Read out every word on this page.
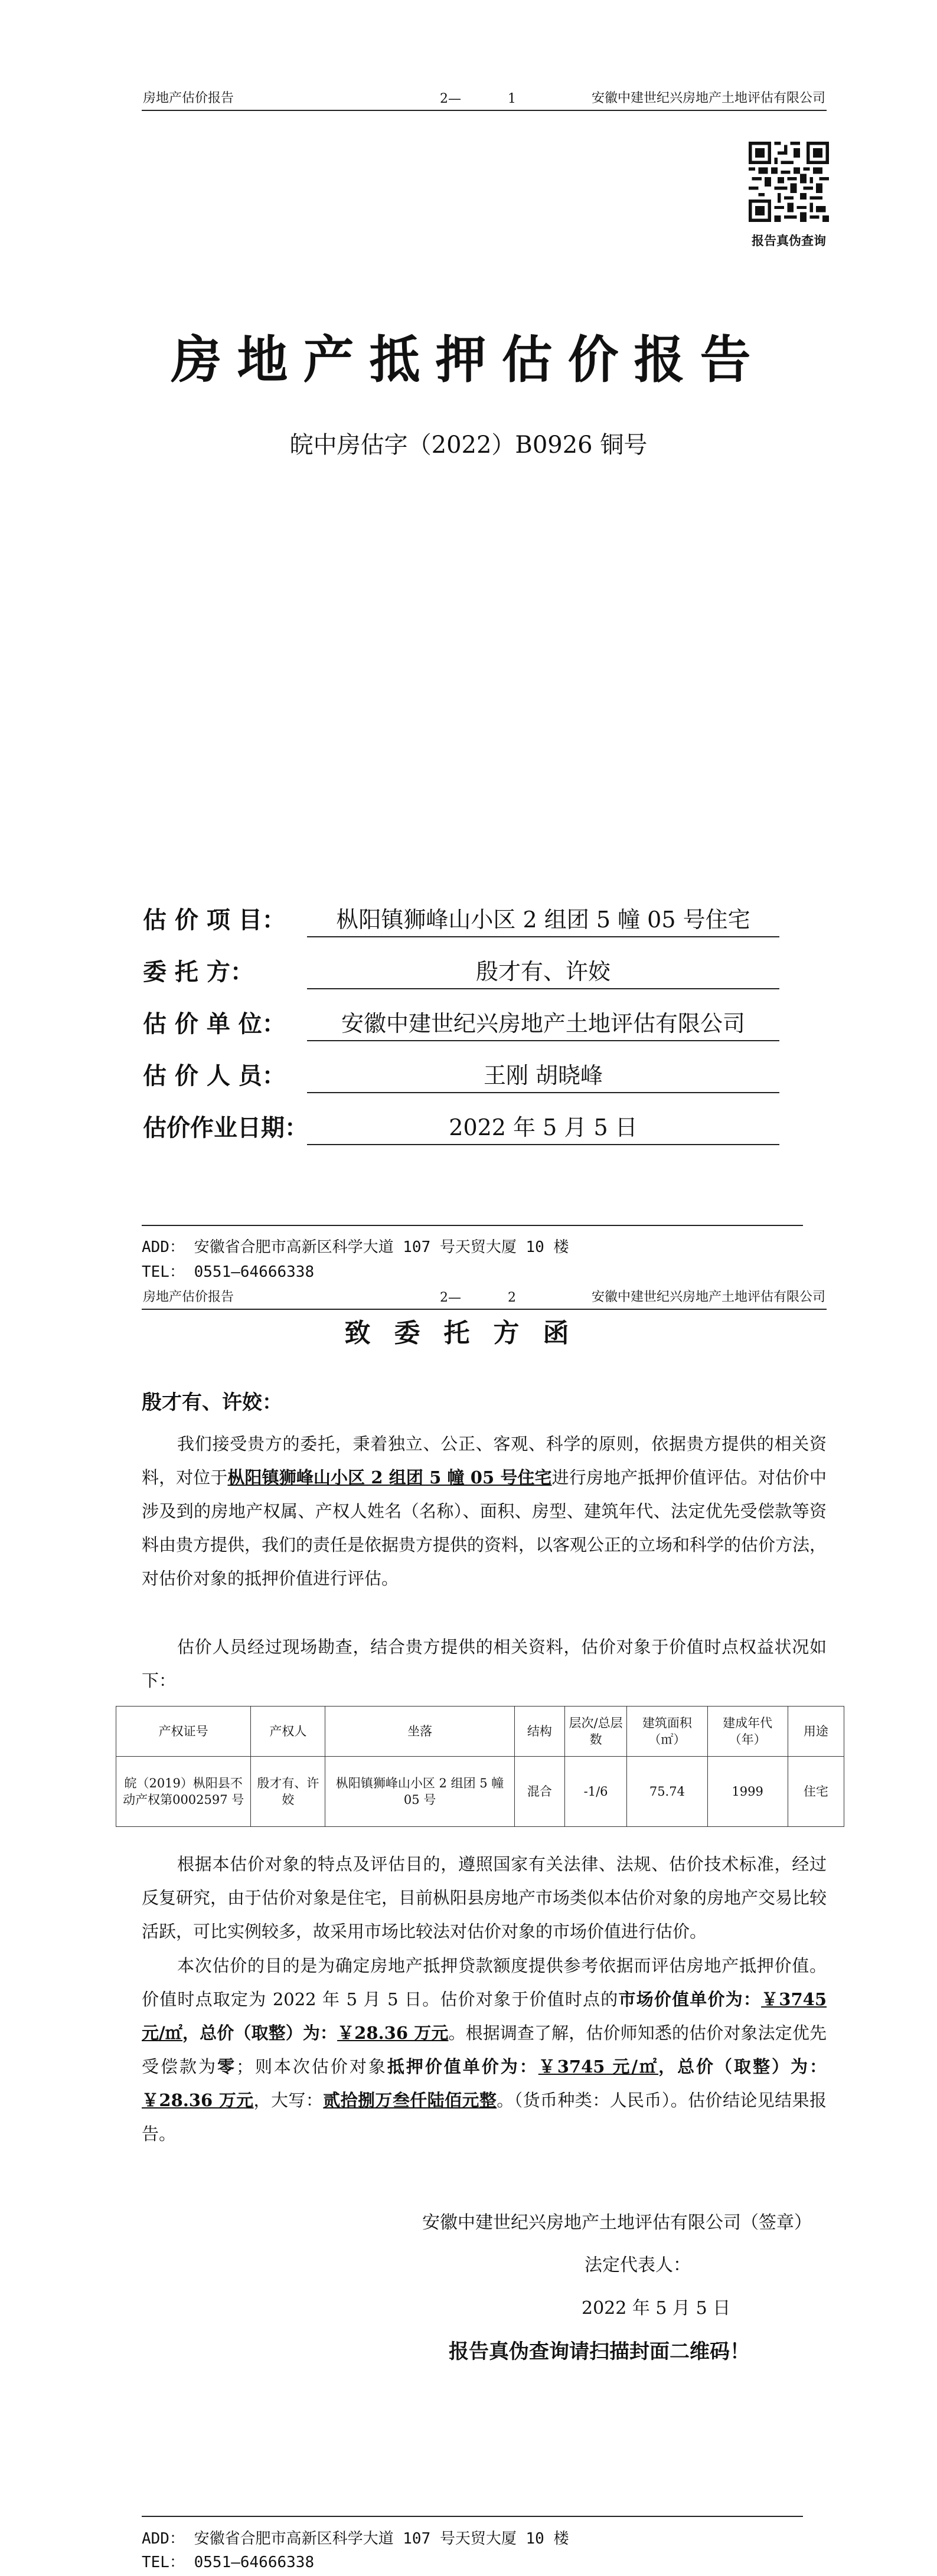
房地产估价报告	2—	1	安徽中建世纪兴房地产土地评估有限公司
报告真伪查询
房地产抵押估价报告
皖中房估字（2022）B0926 铜号
估 价 项 目：	枞阳镇狮峰山小区 2 组团 5 幢 05 号住宅
委 托 方：	殷才有、许姣
估 价 单 位：	安徽中建世纪兴房地产土地评估有限公司
估 价 人 员：	王刚 胡晓峰
估价作业日期：	2022 年 5 月 5 日
ADD： 安徽省合肥市高新区科学大道 107 号天贸大厦 10 楼
TEL： 0551—64666338
房地产估价报告	2—	2	安徽中建世纪兴房地产土地评估有限公司
致委托方函
殷才有、许姣：
我们接受贵方的委托，秉着独立、公正、客观、科学的原则，依据贵方提供的相关资料，对位于枞阳镇狮峰山小区 2 组团 5 幢 05 号住宅进行房地产抵押价值评估。对估价中涉及到的房地产权属、产权人姓名（名称）、面积、房型、建筑年代、法定优先受偿款等资料由贵方提供，我们的责任是依据贵方提供的资料，以客观公正的立场和科学的估价方法，对估价对象的抵押价值进行评估。
估价人员经过现场勘查，结合贵方提供的相关资料，估价对象于价值时点权益状况如下：
产权证号	产权人	坐落	结构	层次/总层数	建筑面积（㎡）	建成年代（年）	用途
皖（2019）枞阳县不动产权第0002597 号	殷才有、许姣	枞阳镇狮峰山小区 2 组团 5 幢 05 号	混合	-1/6	75.74	1999	住宅
根据本估价对象的特点及评估目的，遵照国家有关法律、法规、估价技术标准，经过反复研究，由于估价对象是住宅，目前枞阳县房地产市场类似本估价对象的房地产交易比较活跃，可比实例较多，故采用市场比较法对估价对象的市场价值进行估价。
本次估价的目的是为确定房地产抵押贷款额度提供参考依据而评估房地产抵押价值。价值时点取定为 2022 年 5 月 5 日。估价对象于价值时点的市场价值单价为：￥3745 元/㎡，总价（取整）为：￥28.36 万元。根据调查了解，估价师知悉的估价对象法定优先受偿款为零；则本次估价对象抵押价值单价为：￥3745 元/㎡，总价（取整）为：￥28.36 万元，大写：贰拾捌万叁仟陆佰元整。（货币种类：人民币）。估价结论见结果报告。
安徽中建世纪兴房地产土地评估有限公司（签章）
法定代表人：
2022 年 5 月 5 日
报告真伪查询请扫描封面二维码！
ADD： 安徽省合肥市高新区科学大道 107 号天贸大厦 10 楼
TEL： 0551—64666338
